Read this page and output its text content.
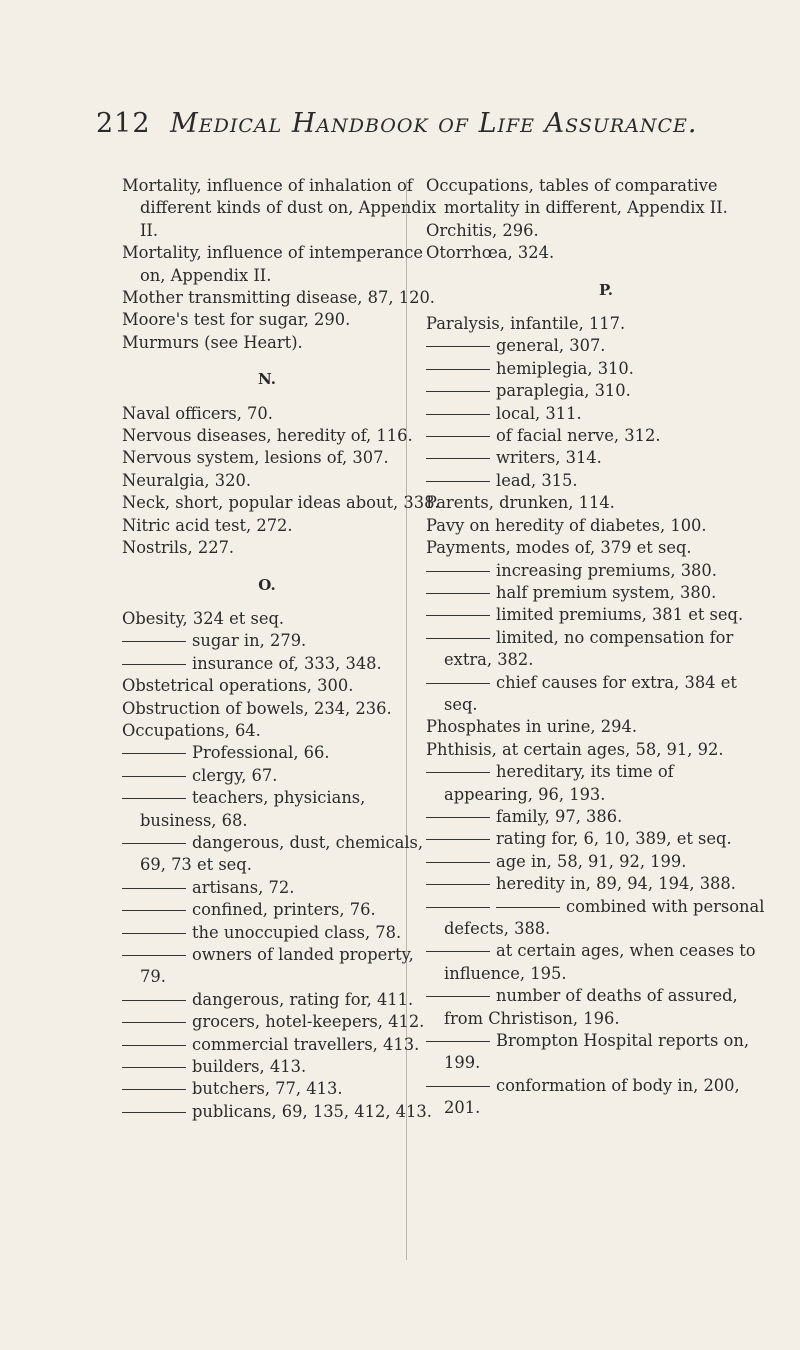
212 Medical Handbook of Life Assurance.
Mortality, influence of inhalation of different kinds of dust on, Appendix II.
Mortality, influence of intemperance on, Appendix II.
Mother transmitting disease, 87, 120.
Moore's test for sugar, 290.
Murmurs (see Heart).
N.
Naval officers, 70.
Nervous diseases, heredity of, 116.
Nervous system, lesions of, 307.
Neuralgia, 320.
Neck, short, popular ideas about, 338.
Nitric acid test, 272.
Nostrils, 227.
O.
Obesity, 324 et seq.
sugar in, 279.
insurance of, 333, 348.
Obstetrical operations, 300.
Obstruction of bowels, 234, 236.
Occupations, 64.
Professional, 66.
clergy, 67.
teachers, physicians, business, 68.
dangerous, dust, chemicals, 69, 73 et seq.
artisans, 72.
confined, printers, 76.
the unoccupied class, 78.
owners of landed property, 79.
dangerous, rating for, 411.
grocers, hotel-keepers, 412.
commercial travellers, 413.
builders, 413.
butchers, 77, 413.
publicans, 69, 135, 412, 413.
Occupations, tables of comparative mortality in different, Appendix II.
Orchitis, 296.
Otorrhœa, 324.
P.
Paralysis, infantile, 117.
general, 307.
hemiplegia, 310.
paraplegia, 310.
local, 311.
of facial nerve, 312.
writers, 314.
lead, 315.
Parents, drunken, 114.
Pavy on heredity of diabetes, 100.
Payments, modes of, 379 et seq.
increasing premiums, 380.
half premium system, 380.
limited premiums, 381 et seq.
limited, no compensation for extra, 382.
chief causes for extra, 384 et seq.
Phosphates in urine, 294.
Phthisis, at certain ages, 58, 91, 92.
hereditary, its time of appearing, 96, 193.
family, 97, 386.
rating for, 6, 10, 389, et seq.
age in, 58, 91, 92, 199.
heredity in, 89, 94, 194, 388.
combined with personal defects, 388.
at certain ages, when ceases to influence, 195.
number of deaths of assured, from Christison, 196.
Brompton Hospital reports on, 199.
conformation of body in, 200, 201.
